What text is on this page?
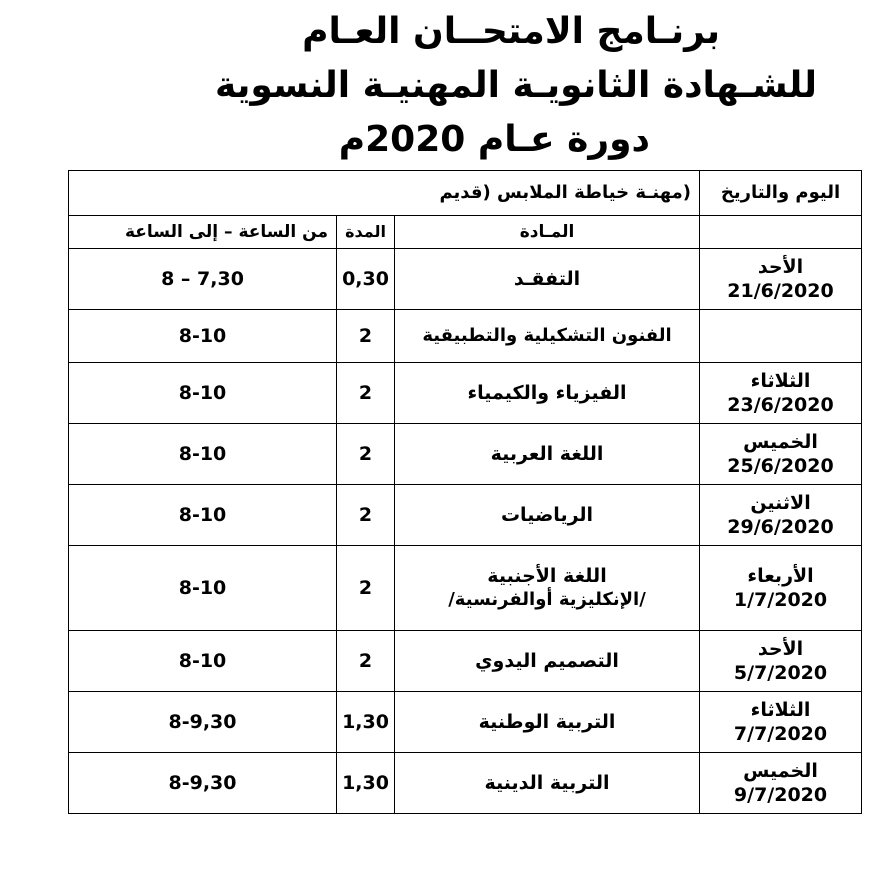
برنـامج الامتحــان العـام
للشـهادة الثانويـة المهنيـة النسوية
دورة عـام 2020م
اليوم والتاريخ	(مهنـة خياطة الملابس (قديم		
	المـادة	المدة	من الساعة – إلى الساعة

الأحد
21/6/2020	التفقـد	0,30	8 – 7,30

	الفنون التشكيلية والتطبيقية	2	8-10

الثلاثاء
23/6/2020	الفيزياء والكيمياء	2	8-10

الخميس
25/6/2020	اللغة العربية	2	8-10

الاثنين
29/6/2020	الرياضيات	2	8-10

الأربعاء
1/7/2020	اللغة الأجنبية
/الإنكليزية أوالفرنسية/	2	8-10

الأحد
5/7/2020	التصميم اليدوي	2	8-10

الثلاثاء
7/7/2020	التربية الوطنية	1,30	8-9,30

الخميس
9/7/2020	التربية الدينية	1,30	8-9,30
